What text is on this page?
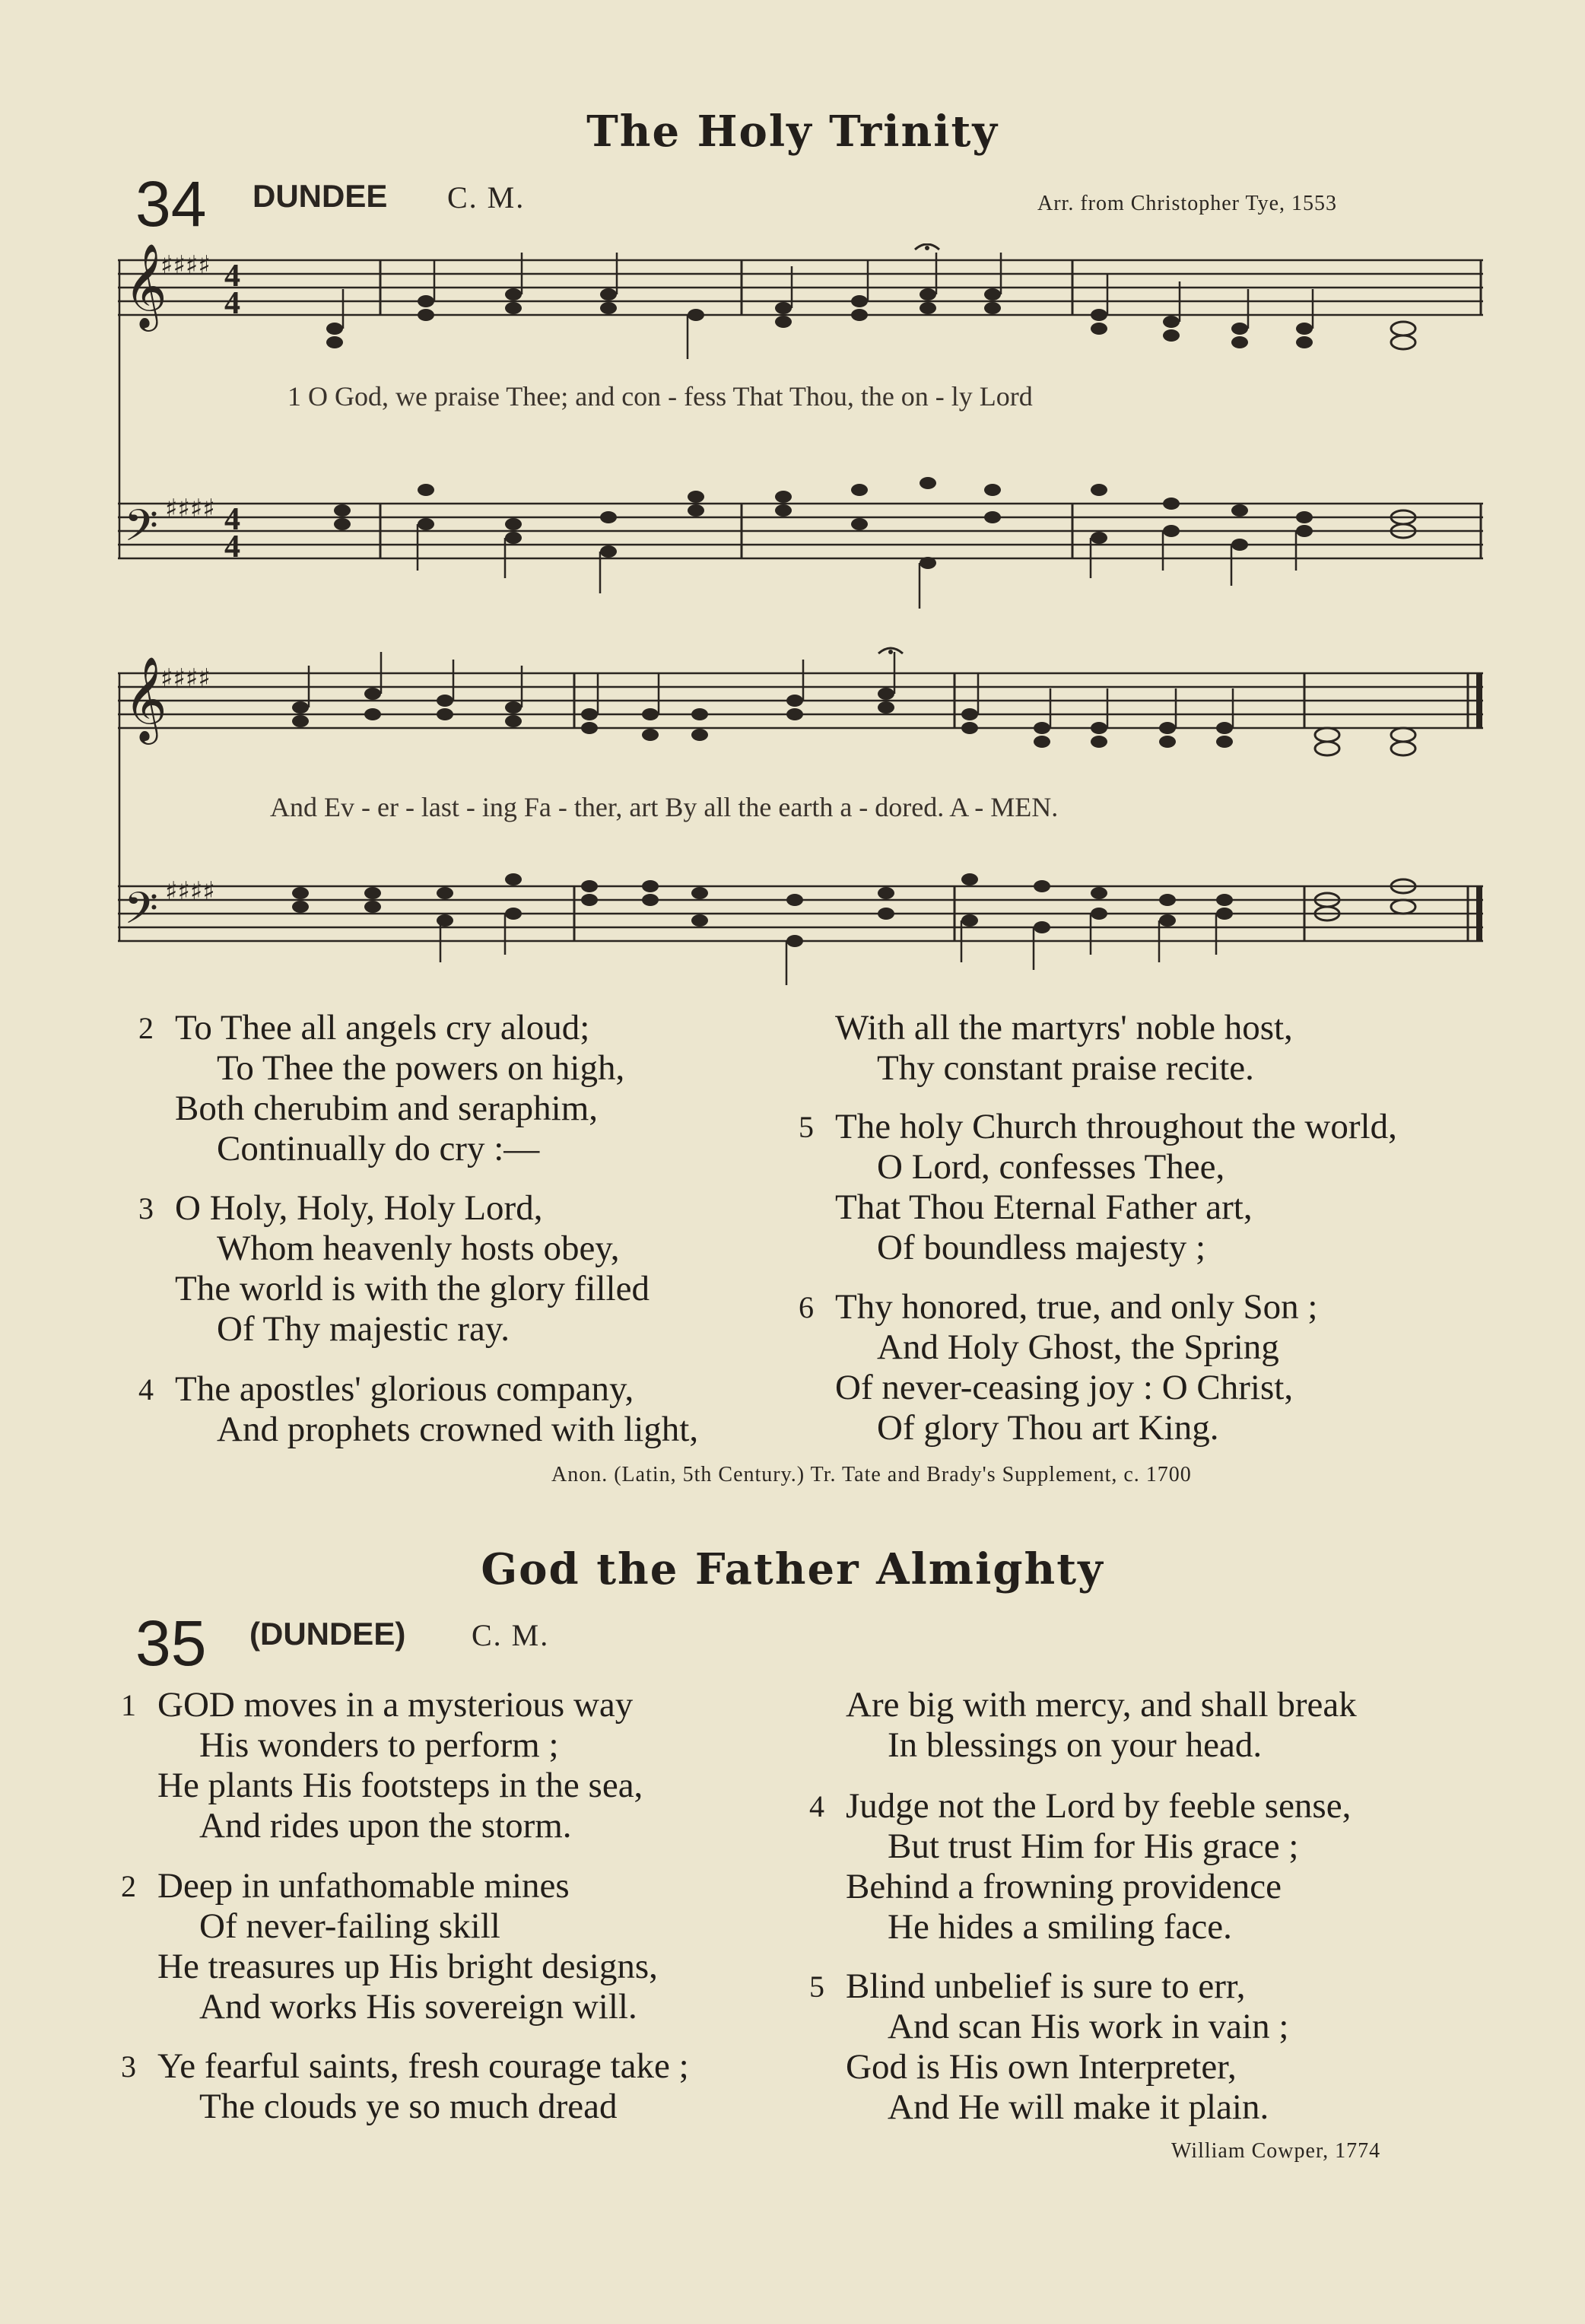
The Holy Trinity
34 DUNDEE C. M.	Arr. from Christopher Tye, 1553
𝄞
♯♯♯♯ 4
4
𝄢 ♯♯♯♯ 4
4
1 O God, we praise Thee; and con - fess That Thou, the on - ly Lord
𝄞
♯♯♯♯
𝄢 ♯♯♯♯
And Ev - er - last - ing Fa - ther, art By all the earth a - dored. A - MEN.
2 To Thee all angels cry aloud;
To Thee the powers on high,
Both cherubim and seraphim,
Continually do cry :—
3 O Holy, Holy, Holy Lord,
Whom heavenly hosts obey,
The world is with the glory filled
Of Thy majestic ray.
4 The apostles' glorious company,
And prophets crowned with light,
With all the martyrs' noble host,
Thy constant praise recite.
5 The holy Church throughout the world,
O Lord, confesses Thee,
That Thou Eternal Father art,
Of boundless majesty ;
6 Thy honored, true, and only Son ;
And Holy Ghost, the Spring
Of never-ceasing joy : O Christ,
Of glory Thou art King.
Anon. (Latin, 5th Century.) Tr. Tate and Brady's Supplement, c. 1700
God the Father Almighty
35 (DUNDEE) C. M.
1 GOD moves in a mysterious way
His wonders to perform ;
He plants His footsteps in the sea,
And rides upon the storm.
2 Deep in unfathomable mines
Of never-failing skill
He treasures up His bright designs,
And works His sovereign will.
3 Ye fearful saints, fresh courage take ;
The clouds ye so much dread
Are big with mercy, and shall break
In blessings on your head.
4 Judge not the Lord by feeble sense,
But trust Him for His grace ;
Behind a frowning providence
He hides a smiling face.
5 Blind unbelief is sure to err,
And scan His work in vain ;
God is His own Interpreter,
And He will make it plain.
William Cowper, 1774
